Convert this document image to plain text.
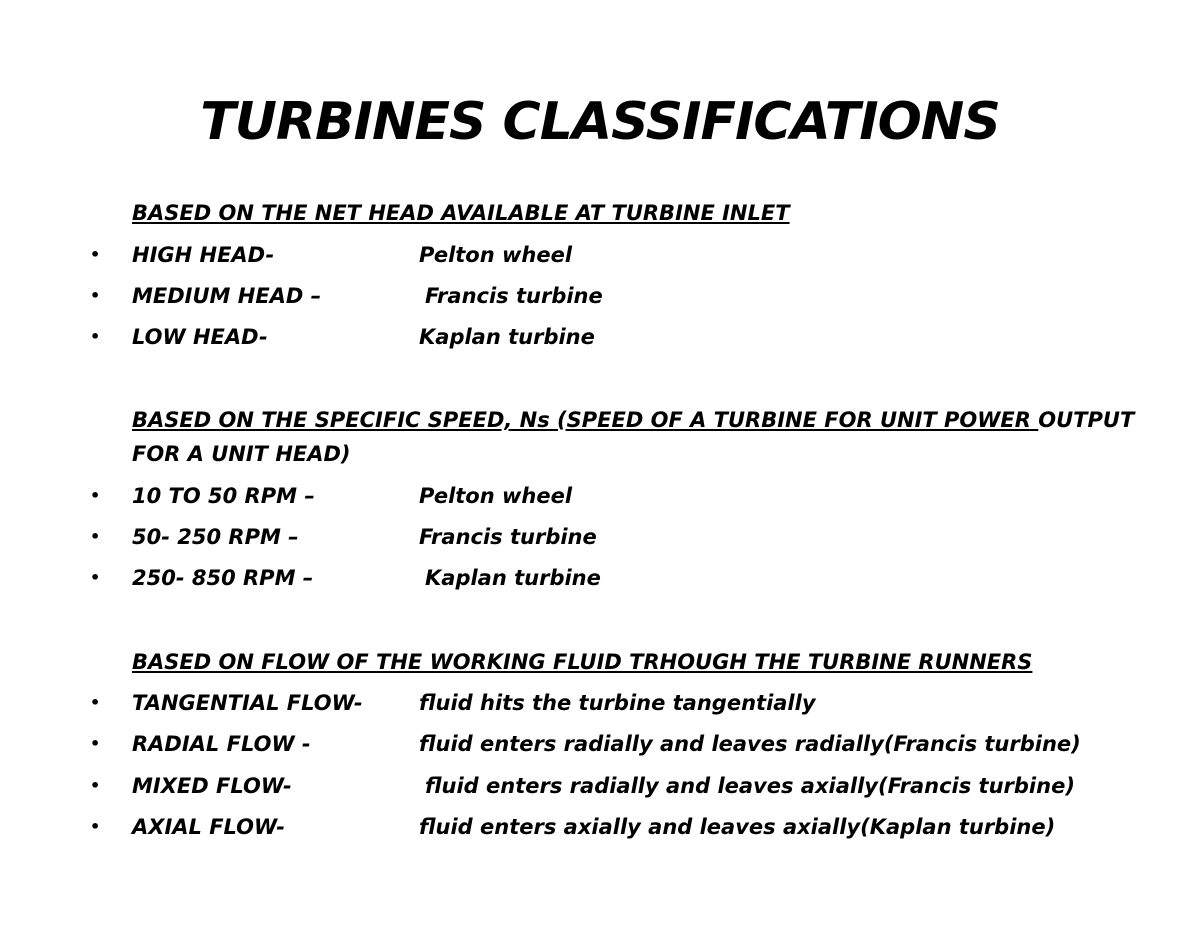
TURBINES CLASSIFICATIONS
BASED ON THE NET HEAD AVAILABLE AT TURBINE INLET
• HIGH HEAD-	Pelton wheel
• MEDIUM HEAD –	Francis turbine
• LOW HEAD-	Kaplan turbine
BASED ON THE SPECIFIC SPEED, Ns (SPEED OF A TURBINE FOR UNIT POWER OUTPUT
FOR A UNIT HEAD)
• 10 TO 50 RPM –	Pelton wheel
• 50- 250 RPM –	Francis turbine
• 250- 850 RPM –	Kaplan turbine
BASED ON FLOW OF THE WORKING FLUID TRHOUGH THE TURBINE RUNNERS
• TANGENTIAL FLOW-	fluid hits the turbine tangentially
• RADIAL FLOW -	fluid enters radially and leaves radially(Francis turbine)
• MIXED FLOW-	fluid enters radially and leaves axially(Francis turbine)
• AXIAL FLOW-	fluid enters axially and leaves axially(Kaplan turbine)
